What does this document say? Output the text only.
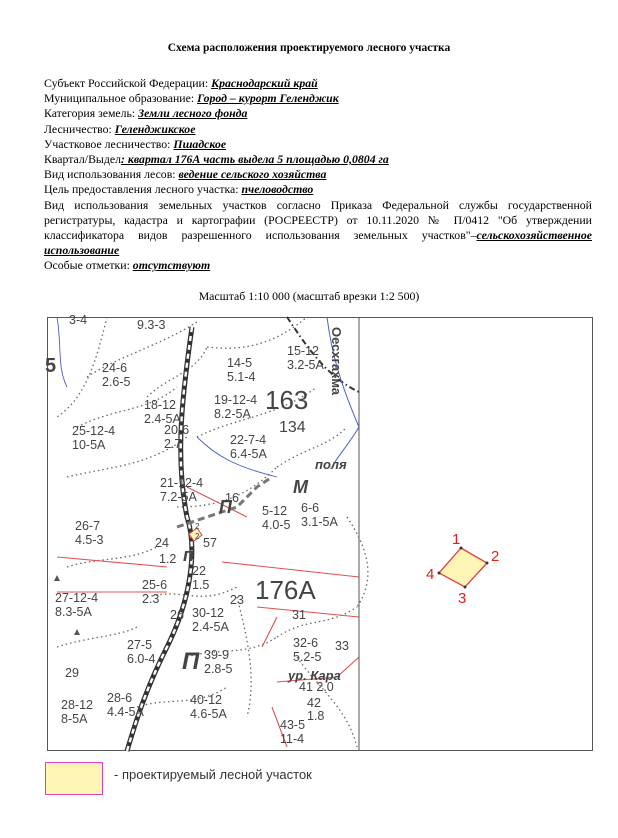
Схема расположения проектируемого лесного участка
Субъект Российской Федерации: Краснодарский край
Муниципальное образование: Город – курорт Геленджик
Категория земель: Земли лесного фонда
Лесничество: Геленджикское
Участковое лесничество: Пшадское
Квартал/Выдел: квартал 176А часть выдела 5 площадью 0,0804 га
Вид использования лесов: ведение сельского хозяйства
Цель предоставления лесного участка: пчеловодство
Вид использования земельных участков согласно Приказа Федеральной службы государственной регистратуры, кадастра и картографии (РОСРЕЕСТР) от 10.11.2020 № П/0412 "Об утверждении классификатора видов разрешенного использования земельных участков"–сельскохозяйственное использование
Особые отметки: отсутствуют
Масштаб 1:10 000 (масштаб врезки 1:2 500)
163
134
176А
Оесхгахма
поля
М
П
п
П
ур. Кара
5
9.3-3
24-6
2.6-5
25-12-4
10-5А
18-12
2.4-5А
20-6
2.7
14-5
5.1-4
15-12
3.2-5А
19-12-4
8.2-5А
22-7-4
6.4-5А
21-12-4
7.2-5А
26-7
4.5-3
5-12
4.0-5
6-6
3.1-5А
27-12-4
8.3-5А
25-6
2.3
22
1.5
30-12
2.4-5А
27-5
6.0-4
32-6
5.2-5
39-9
2.8-5
28-6
4.4-5А
40-12
4.6-5А
43-5
11-4
28-12
8-5А
3-4
29
24
1.2
57
23
26	31
33
41 2.0
42
1.8
2
16
2
1
2
3
4
- проектируемый лесной участок
